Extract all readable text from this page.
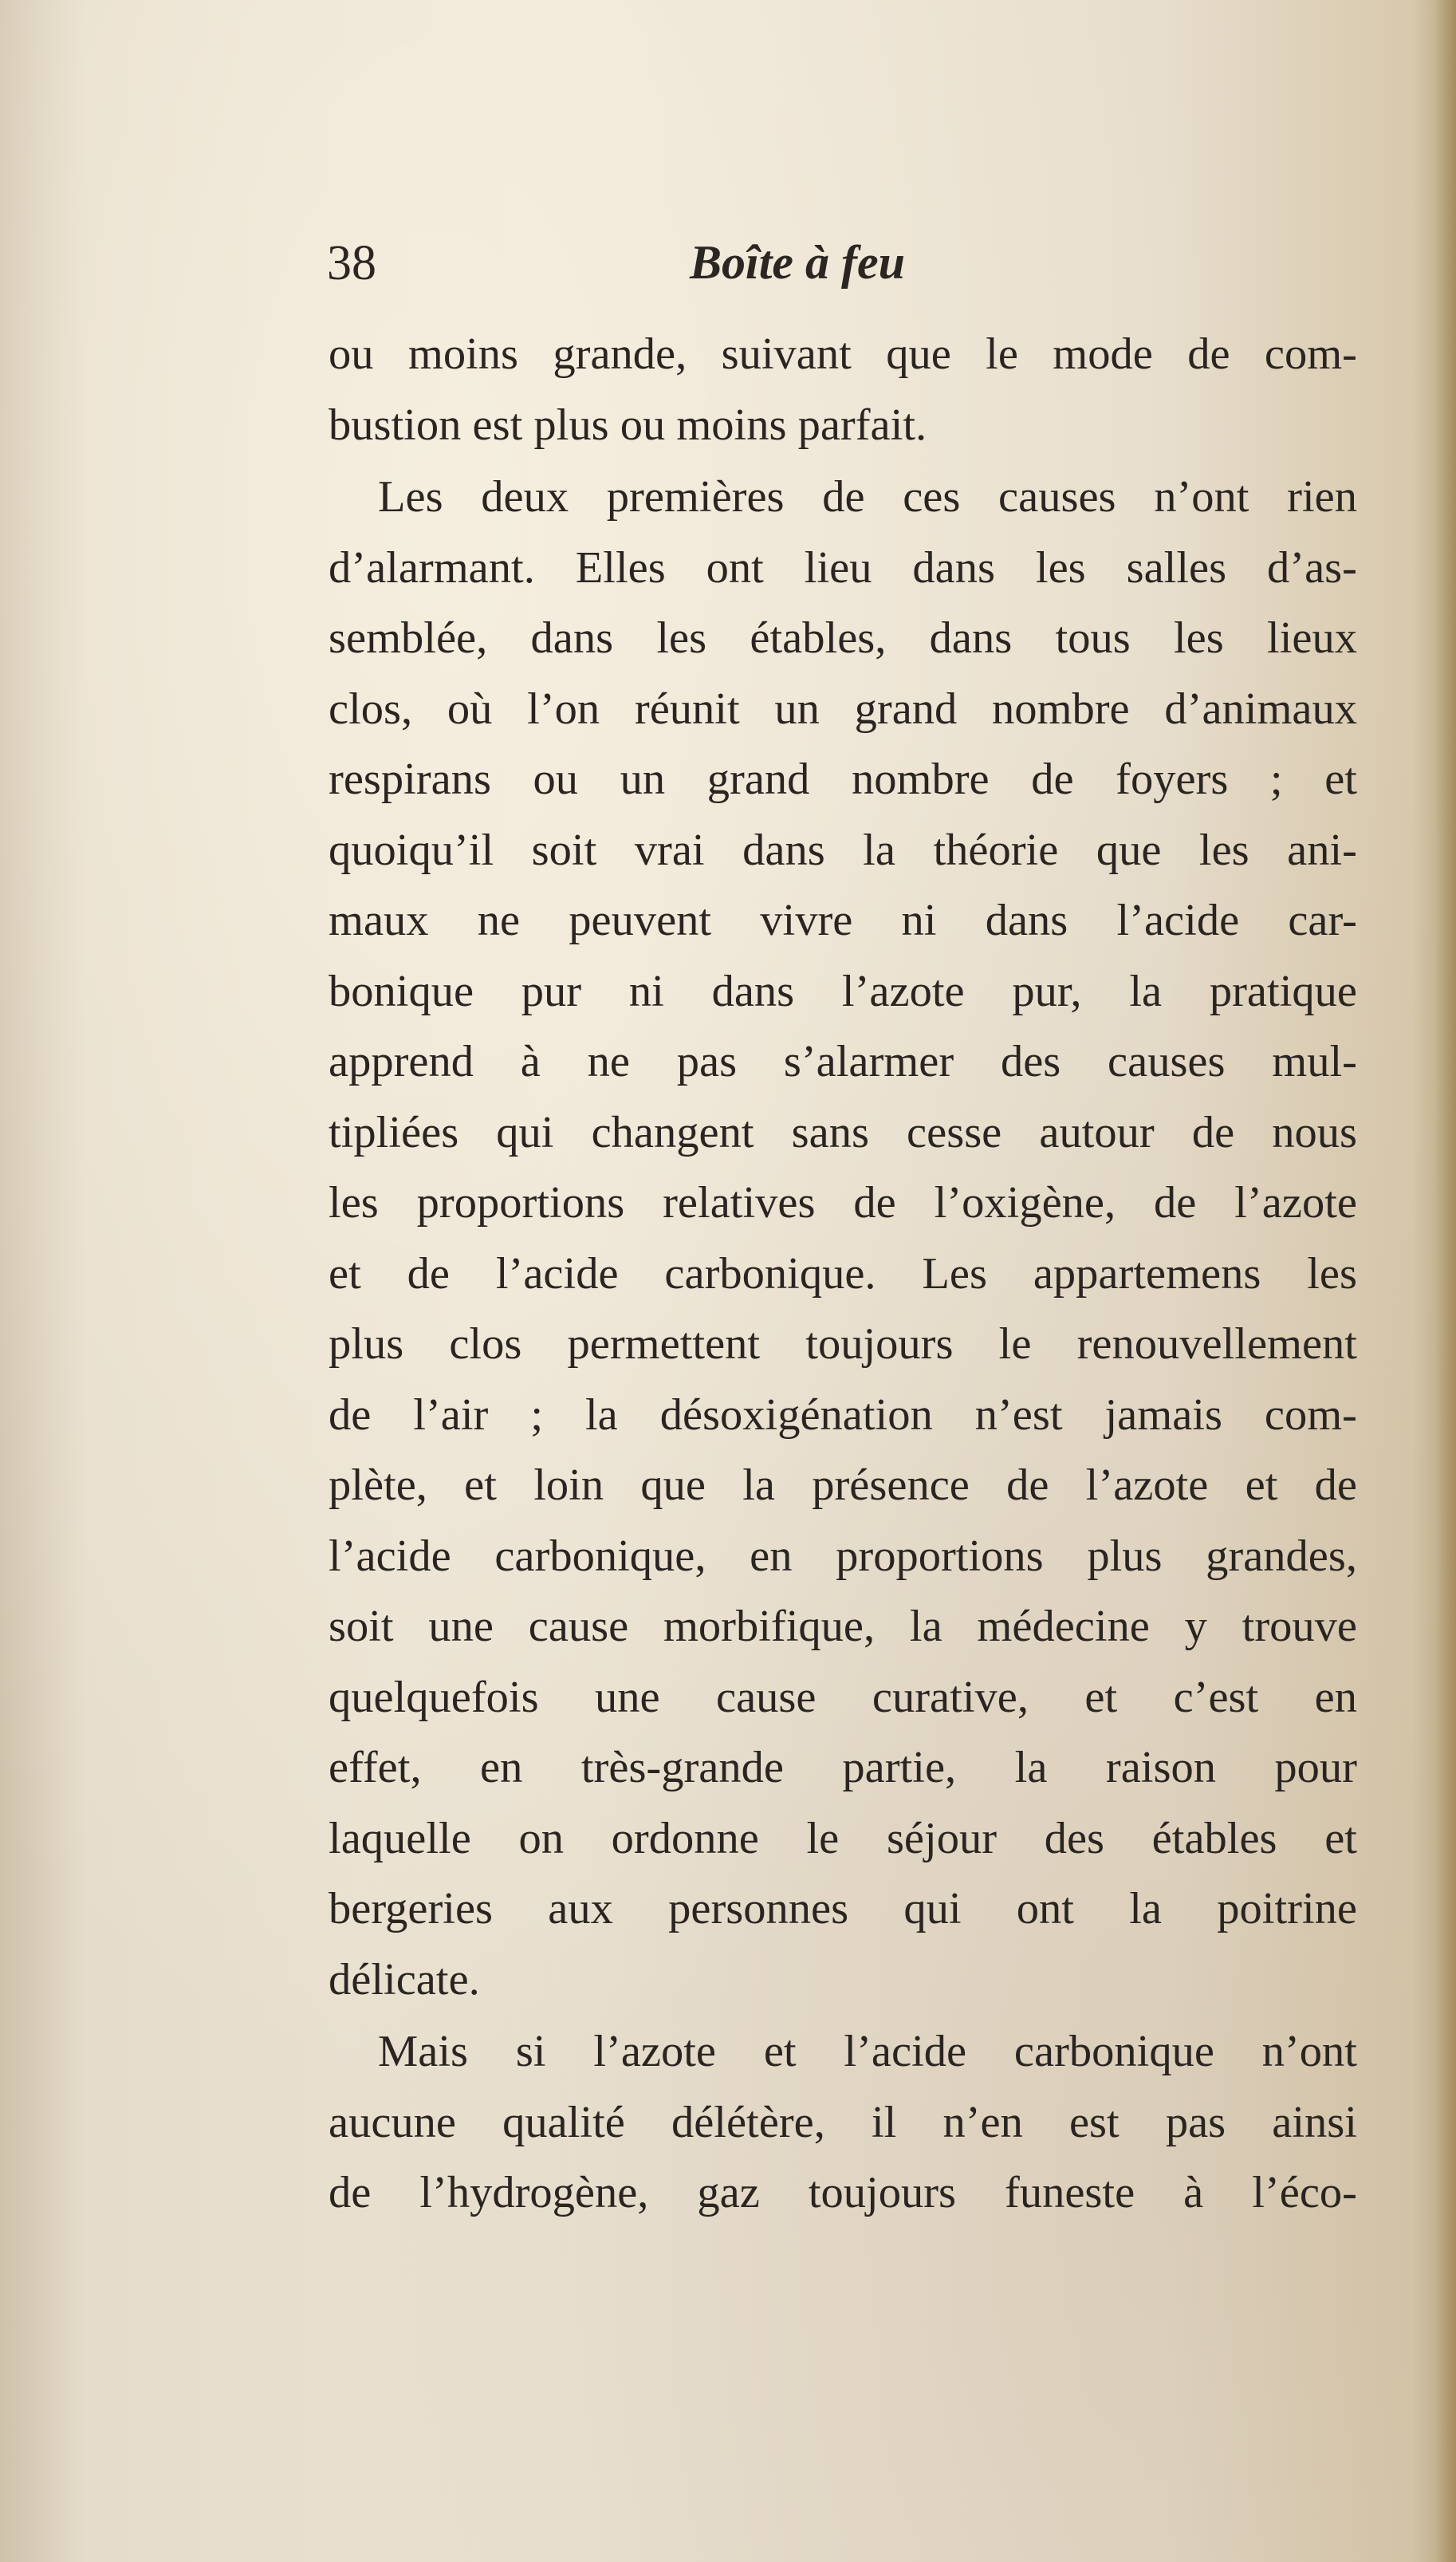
38	Boîte à feu
ou moins grande, suivant que le mode de com-
bustion est plus ou moins parfait.
Les deux premières de ces causes n’ont rien
d’alarmant. Elles ont lieu dans les salles d’as-
semblée, dans les étables, dans tous les lieux
clos, où l’on réunit un grand nombre d’animaux
respirans ou un grand nombre de foyers ; et
quoiqu’il soit vrai dans la théorie que les ani-
maux ne peuvent vivre ni dans l’acide car-
bonique pur ni dans l’azote pur, la pratique
apprend à ne pas s’alarmer des causes mul-
tipliées qui changent sans cesse autour de nous
les proportions relatives de l’oxigène, de l’azote
et de l’acide carbonique. Les appartemens les
plus clos permettent toujours le renouvellement
de l’air ; la désoxigénation n’est jamais com-
plète, et loin que la présence de l’azote et de
l’acide carbonique, en proportions plus grandes,
soit une cause morbifique, la médecine y trouve
quelquefois une cause curative, et c’est en
effet, en très-grande partie, la raison pour
laquelle on ordonne le séjour des étables et
bergeries aux personnes qui ont la poitrine
délicate.
Mais si l’azote et l’acide carbonique n’ont
aucune qualité délétère, il n’en est pas ainsi
de l’hydrogène, gaz toujours funeste à l’éco-
